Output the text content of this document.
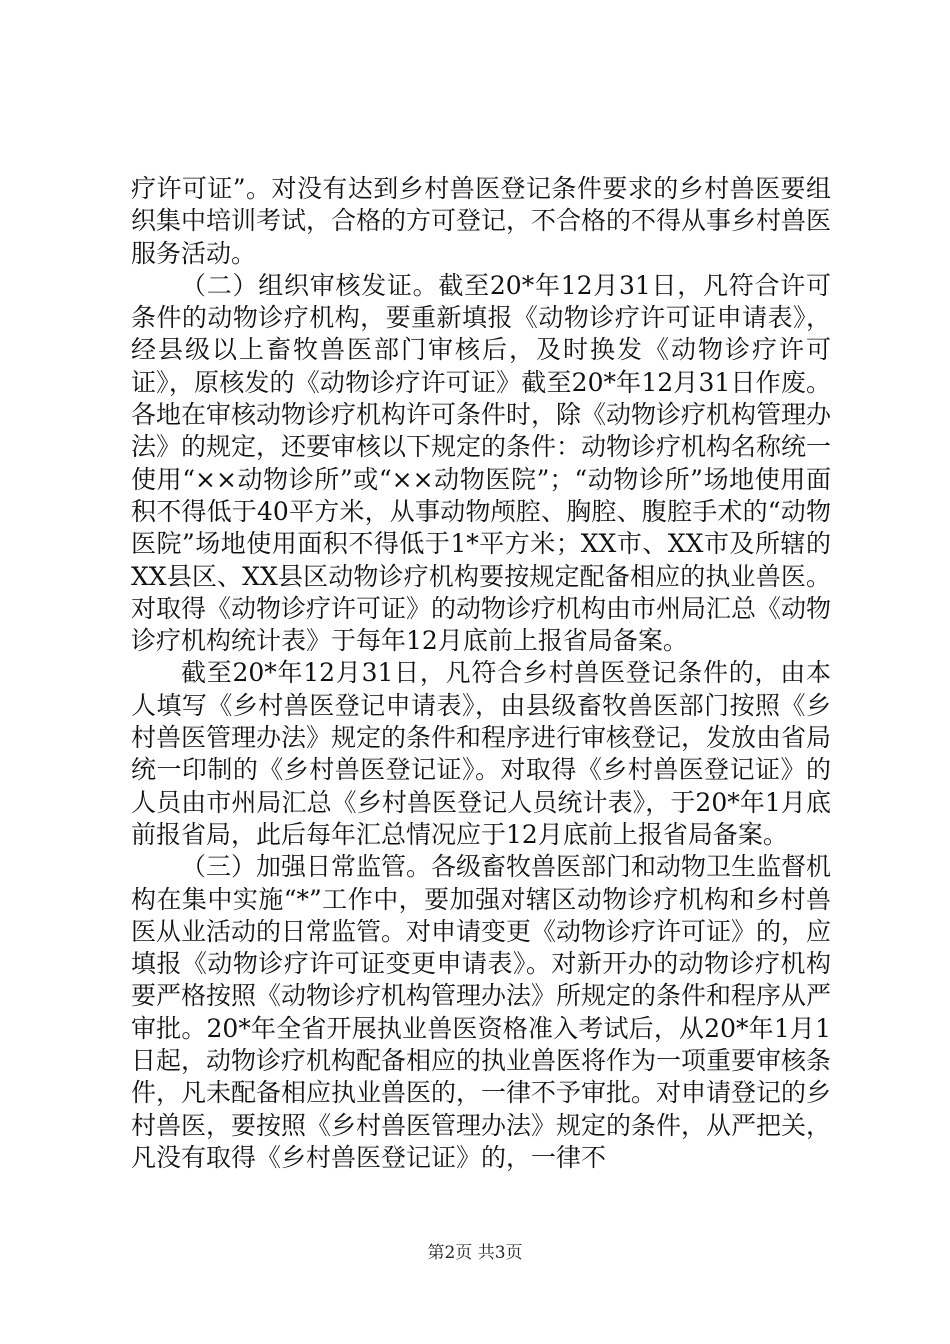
疗许可证”。对没有达到乡村兽医登记条件要求的乡村兽医要组织集中培训考试，合格的方可登记，不合格的不得从事乡村兽医服务活动。

（二）组织审核发证。截至20*年12月31日，凡符合许可条件的动物诊疗机构，要重新填报《动物诊疗许可证申请表》，经县级以上畜牧兽医部门审核后，及时换发《动物诊疗许可证》，原核发的《动物诊疗许可证》截至20*年12月31日作废。各地在审核动物诊疗机构许可条件时，除《动物诊疗机构管理办法》的规定，还要审核以下规定的条件：动物诊疗机构名称统一使用“××动物诊所”或“××动物医院”；“动物诊所”场地使用面积不得低于40平方米，从事动物颅腔、胸腔、腹腔手术的“动物医院”场地使用面积不得低于1*平方米；XX市、XX市及所辖的XX县区、XX县区动物诊疗机构要按规定配备相应的执业兽医。对取得《动物诊疗许可证》的动物诊疗机构由市州局汇总《动物诊疗机构统计表》于每年12月底前上报省局备案。

截至20*年12月31日，凡符合乡村兽医登记条件的，由本人填写《乡村兽医登记申请表》，由县级畜牧兽医部门按照《乡村兽医管理办法》规定的条件和程序进行审核登记，发放由省局统一印制的《乡村兽医登记证》。对取得《乡村兽医登记证》的人员由市州局汇总《乡村兽医登记人员统计表》，于20*年1月底前报省局，此后每年汇总情况应于12月底前上报省局备案。

（三）加强日常监管。各级畜牧兽医部门和动物卫生监督机构在集中实施“*”工作中，要加强对辖区动物诊疗机构和乡村兽医从业活动的日常监管。对申请变更《动物诊疗许可证》的，应填报《动物诊疗许可证变更申请表》。对新开办的动物诊疗机构要严格按照《动物诊疗机构管理办法》所规定的条件和程序从严审批。20*年全省开展执业兽医资格准入考试后，从20*年1月1日起，动物诊疗机构配备相应的执业兽医将作为一项重要审核条件，凡未配备相应执业兽医的，一律不予审批。对申请登记的乡村兽医，要按照《乡村兽医管理办法》规定的条件，从严把关，凡没有取得《乡村兽医登记证》的，一律不

第2页 共3页
